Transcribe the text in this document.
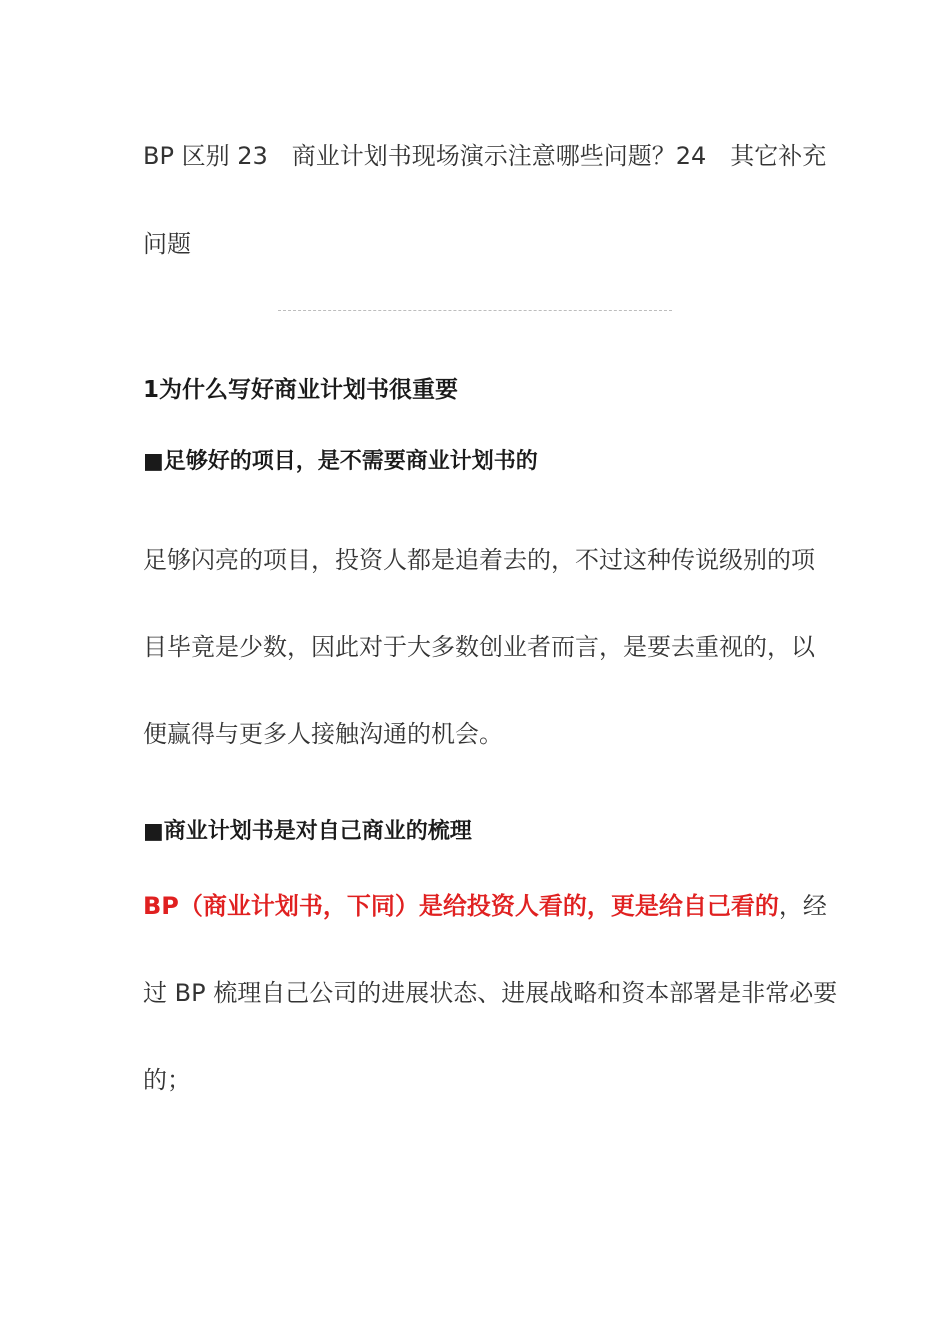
BP 区别 23 商业计划书现场演示注意哪些问题？24 其它补充
问题
1为什么写好商业计划书很重要
■足够好的项目，是不需要商业计划书的
足够闪亮的项目，投资人都是追着去的，不过这种传说级别的项
目毕竟是少数，因此对于大多数创业者而言，是要去重视的，以
便赢得与更多人接触沟通的机会。
■商业计划书是对自己商业的梳理
BP（商业计划书，下同）是给投资人看的，更是给自己看的，经
过 BP 梳理自己公司的进展状态、进展战略和资本部署是非常必要
的；
